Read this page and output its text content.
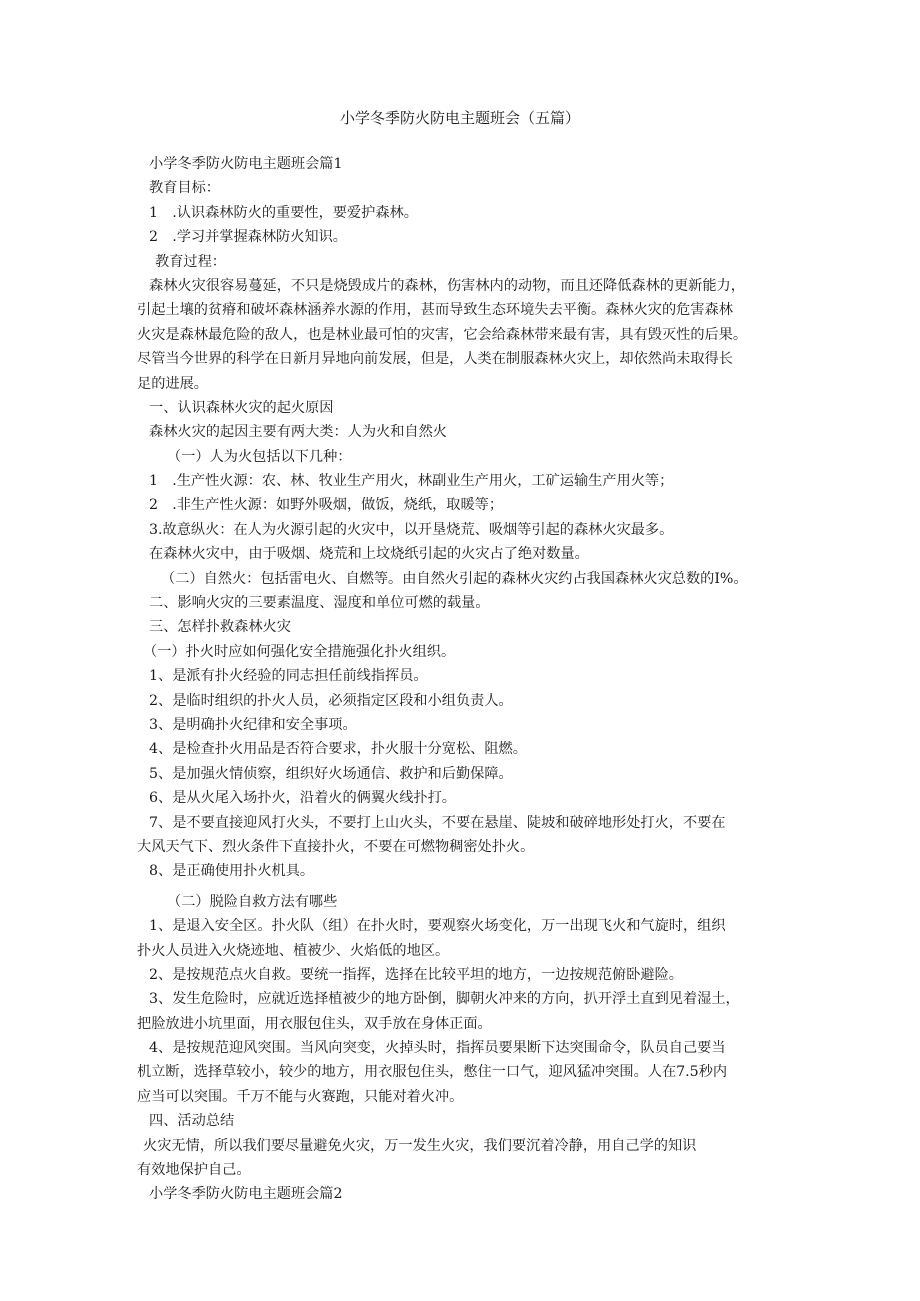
小学冬季防火防电主题班会（五篇）
小学冬季防火防电主题班会篇1
教育目标：
1　.认识森林防火的重要性，要爱护森林。
2　.学习并掌握森林防火知识。
教育过程：
森林火灾很容易蔓延，不只是烧毁成片的森林，伤害林内的动物，而且还降低森林的更新能力，
引起土壤的贫瘠和破坏森林涵养水源的作用，甚而导致生态环境失去平衡。森林火灾的危害森林
火灾是森林最危险的敌人，也是林业最可怕的灾害，它会给森林带来最有害，具有毁灭性的后果。
尽管当今世界的科学在日新月异地向前发展，但是，人类在制服森林火灾上，却依然尚未取得长
足的进展。
一、认识森林火灾的起火原因
森林火灾的起因主要有两大类：人为火和自然火
（一）人为火包括以下几种：
1　.生产性火源：农、林、牧业生产用火，林副业生产用火，工矿运输生产用火等；
2　.非生产性火源：如野外吸烟，做饭，烧纸，取暖等；
3.故意纵火：在人为火源引起的火灾中，以开垦烧荒、吸烟等引起的森林火灾最多。
在森林火灾中，由于吸烟、烧荒和上坟烧纸引起的火灾占了绝对数量。
（二）自然火：包括雷电火、自燃等。由自然火引起的森林火灾约占我国森林火灾总数的I%。
二、影响火灾的三要素温度、湿度和单位可燃的载量。
三、怎样扑救森林火灾
（一）扑火时应如何强化安全措施强化扑火组织。
1、是派有扑火经验的同志担任前线指挥员。
2、是临时组织的扑火人员，必须指定区段和小组负责人。
3、是明确扑火纪律和安全事项。
4、是检查扑火用品是否符合要求，扑火服十分宽松、阻燃。
5、是加强火情侦察，组织好火场通信、救护和后勤保障。
6、是从火尾入场扑火，沿着火的俩翼火线扑打。
7、是不要直接迎风打火头，不要打上山火头，不要在悬崖、陡坡和破碎地形处打火，不要在
大风天气下、烈火条件下直接扑火，不要在可燃物稠密处扑火。
8、是正确使用扑火机具。
（二）脱险自救方法有哪些
1、是退入安全区。扑火队（组）在扑火时，要观察火场变化，万一出现飞火和气旋时，组织
扑火人员进入火烧迹地、植被少、火焰低的地区。
2、是按规范点火自救。要统一指挥，选择在比较平坦的地方，一边按规范俯卧避险。
3、发生危险时，应就近选择植被少的地方卧倒，脚朝火冲来的方向，扒开浮土直到见着湿土，
把脸放进小坑里面，用衣服包住头，双手放在身体正面。
4、是按规范迎风突围。当风向突变，火掉头时，指挥员要果断下达突围命令，队员自己要当
机立断，选择草较小，较少的地方，用衣服包住头，憋住一口气，迎风猛冲突围。人在7.5秒内
应当可以突围。千万不能与火赛跑，只能对着火冲。
四、活动总结
火灾无情，所以我们要尽量避免火灾，万一发生火灾，我们要沉着冷静，用自己学的知识
有效地保护自己。
小学冬季防火防电主题班会篇2
